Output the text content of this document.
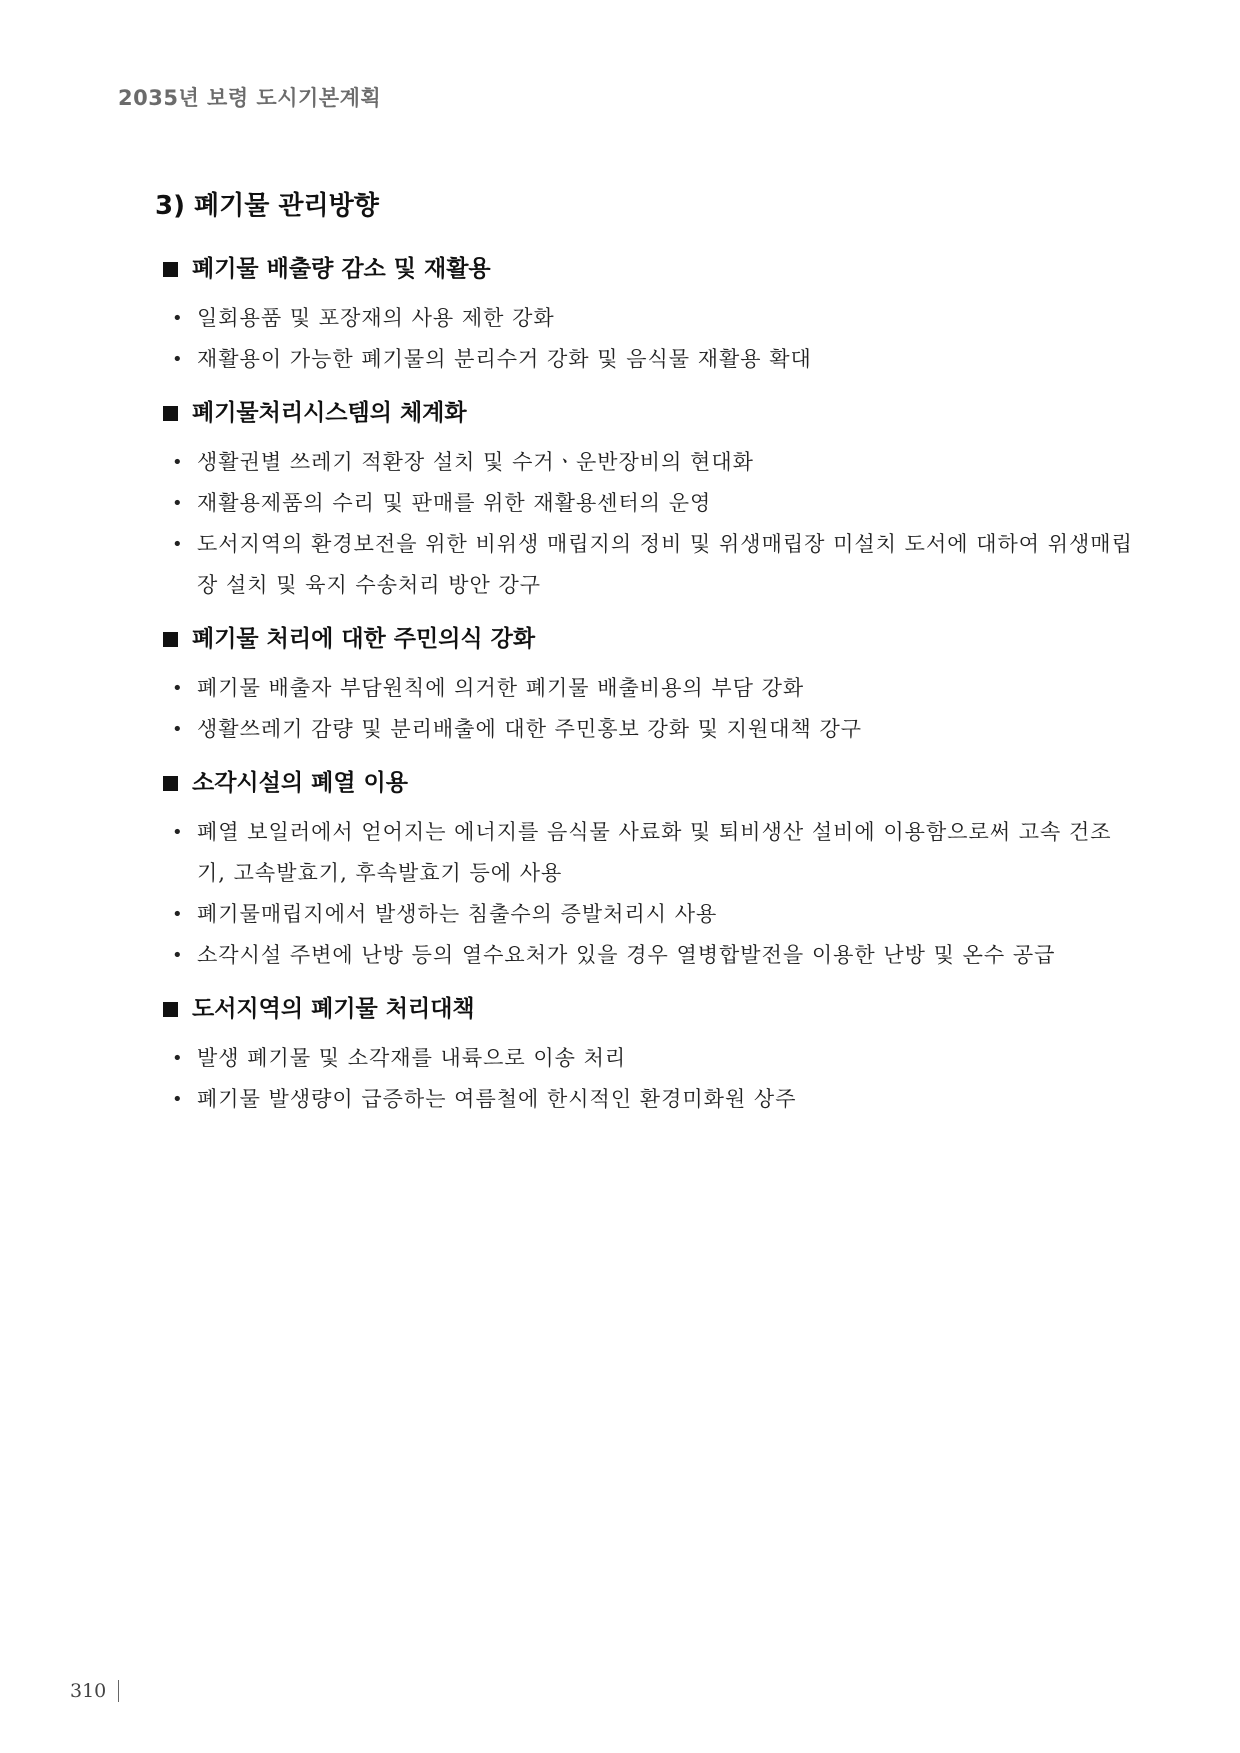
2035년 보령 도시기본계획
3) 폐기물 관리방향
폐기물 배출량 감소 및 재활용
• 일회용품 및 포장재의 사용 제한 강화
• 재활용이 가능한 폐기물의 분리수거 강화 및 음식물 재활용 확대
폐기물처리시스템의 체계화
• 생활권별 쓰레기 적환장 설치 및 수거ㆍ운반장비의 현대화
• 재활용제품의 수리 및 판매를 위한 재활용센터의 운영
• 도서지역의 환경보전을 위한 비위생 매립지의 정비 및 위생매립장 미설치 도서에 대하여 위생매립장 설치 및 육지 수송처리 방안 강구
폐기물 처리에 대한 주민의식 강화
• 폐기물 배출자 부담원칙에 의거한 폐기물 배출비용의 부담 강화
• 생활쓰레기 감량 및 분리배출에 대한 주민홍보 강화 및 지원대책 강구
소각시설의 폐열 이용
• 폐열 보일러에서 얻어지는 에너지를 음식물 사료화 및 퇴비생산 설비에 이용함으로써 고속 건조기, 고속발효기, 후속발효기 등에 사용
• 폐기물매립지에서 발생하는 침출수의 증발처리시 사용
• 소각시설 주변에 난방 등의 열수요처가 있을 경우 열병합발전을 이용한 난방 및 온수 공급
도서지역의 폐기물 처리대책
• 발생 폐기물 및 소각재를 내륙으로 이송 처리
• 폐기물 발생량이 급증하는 여름철에 한시적인 환경미화원 상주
310
